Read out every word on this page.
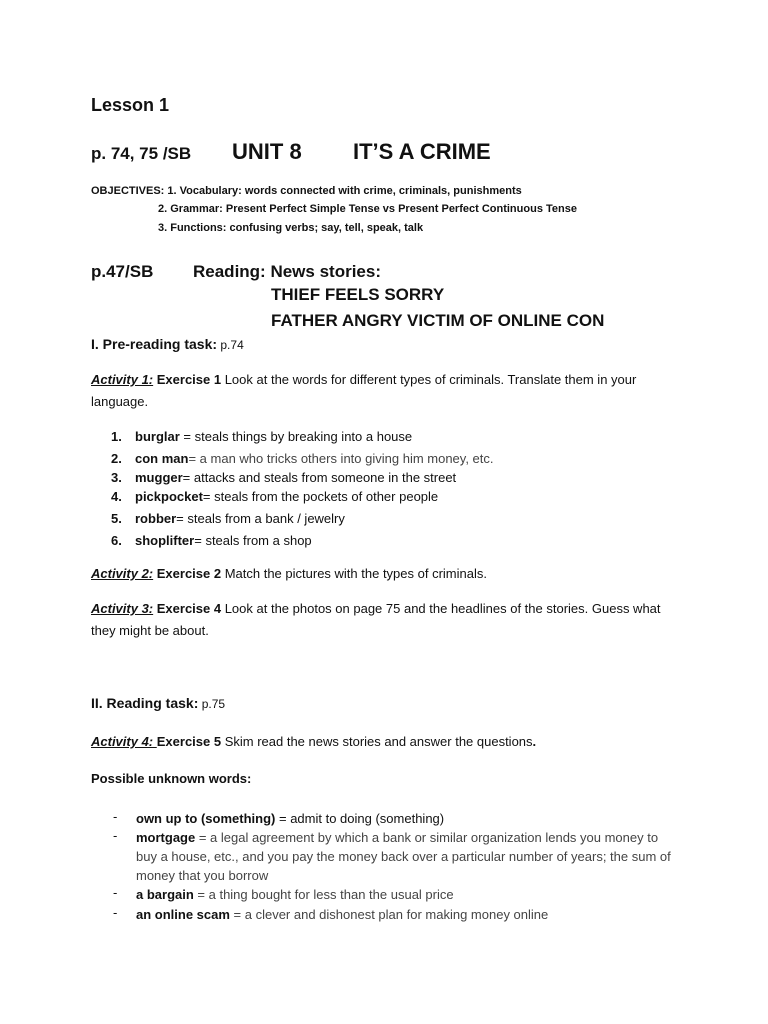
Lesson 1
p. 74, 75 /SB UNIT 8 IT’S A CRIME
OBJECTIVES: 1. Vocabulary: words connected with crime, criminals, punishments
2. Grammar: Present Perfect Simple Tense vs Present Perfect Continuous Tense
3. Functions: confusing verbs; say, tell, speak, talk
p.47/SB Reading: News stories:
THIEF FEELS SORRY
FATHER ANGRY VICTIM OF ONLINE CON
I. Pre-reading task: p.74
Activity 1: Exercise 1 Look at the words for different types of criminals. Translate them in your language.
1. burglar = steals things by breaking into a house
2. con man= a man who tricks others into giving him money, etc.
3. mugger= attacks and steals from someone in the street
4. pickpocket= steals from the pockets of other people
5. robber= steals from a bank / jewelry
6. shoplifter= steals from a shop
Activity 2: Exercise 2 Match the pictures with the types of criminals.
Activity 3: Exercise 4 Look at the photos on page 75 and the headlines of the stories. Guess what they might be about.
II. Reading task: p.75
Activity 4: Exercise 5 Skim read the news stories and answer the questions.
Possible unknown words:
- own up to (something) = admit to doing (something)
- mortgage = a legal agreement by which a bank or similar organization lends you money to buy a house, etc., and you pay the money back over a particular number of years; the sum of money that you borrow
- a bargain = a thing bought for less than the usual price
- an online scam = a clever and dishonest plan for making money online
